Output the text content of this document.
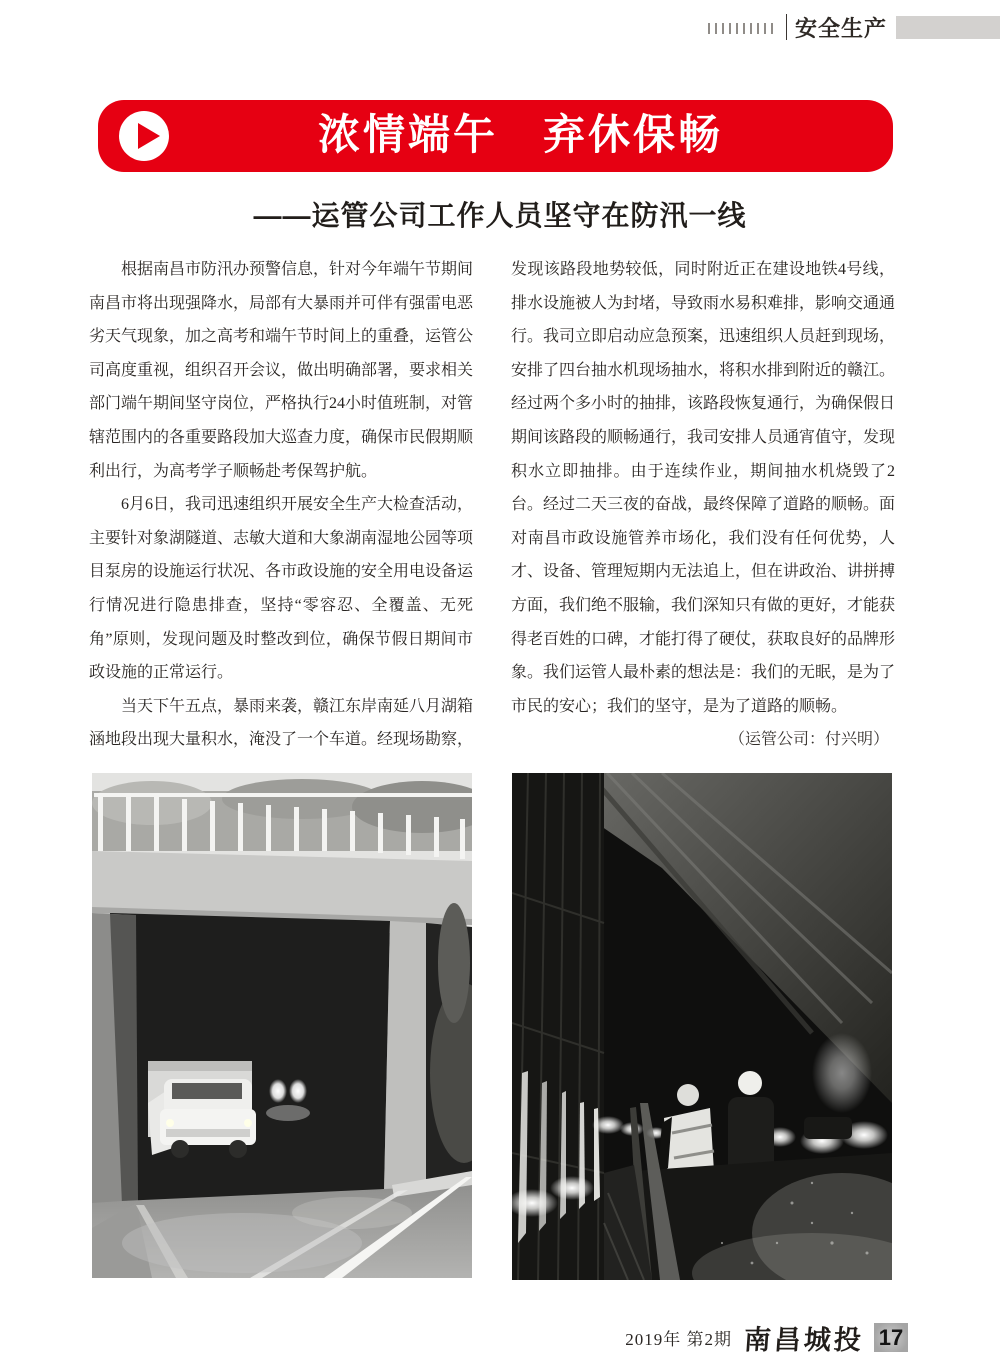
安全生产
浓情端午　弃休保畅
——运管公司工作人员坚守在防汛一线

根据南昌市防汛办预警信息，针对今年端午节期间南昌市将出现强降水，局部有大暴雨并可伴有强雷电恶劣天气现象，加之高考和端午节时间上的重叠，运管公司高度重视，组织召开会议，做出明确部署，要求相关部门端午期间坚守岗位，严格执行24小时值班制，对管辖范围内的各重要路段加大巡查力度，确保市民假期顺利出行，为高考学子顺畅赴考保驾护航。

6月6日，我司迅速组织开展安全生产大检查活动，主要针对象湖隧道、志敏大道和大象湖南湿地公园等项目泵房的设施运行状况、各市政设施的安全用电设备运行情况进行隐患排查，坚持“零容忍、全覆盖、无死角”原则，发现问题及时整改到位，确保节假日期间市政设施的正常运行。

当天下午五点，暴雨来袭，赣江东岸南延八月湖箱涵地段出现大量积水，淹没了一个车道。经现场勘察，发现该路段地势较低，同时附近正在建设地铁4号线，排水设施被人为封堵，导致雨水易积难排，影响交通通行。我司立即启动应急预案，迅速组织人员赶到现场，安排了四台抽水机现场抽水，将积水排到附近的赣江。经过两个多小时的抽排，该路段恢复通行，为确保假日期间该路段的顺畅通行，我司安排人员通宵值守，发现积水立即抽排。由于连续作业，期间抽水机烧毁了2台。经过二天三夜的奋战，最终保障了道路的顺畅。面对南昌市政设施管养市场化，我们没有任何优势，人才、设备、管理短期内无法追上，但在讲政治、讲拼搏方面，我们绝不服输，我们深知只有做的更好，才能获得老百姓的口碑，才能打得了硬仗，获取良好的品牌形象。我们运管人最朴素的想法是：我们的无眠，是为了市民的安心；我们的坚守，是为了道路的顺畅。

（运管公司：付兴明）

2019年 第2期 南昌城投 17
